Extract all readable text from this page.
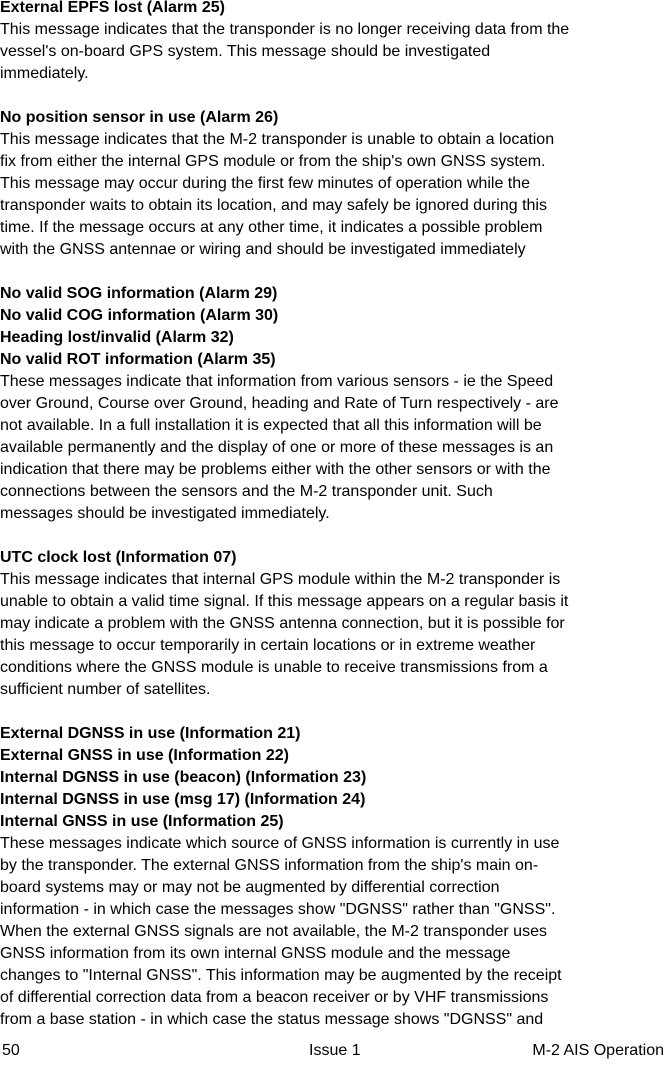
External EPFS lost (Alarm 25)

This message indicates that the transponder is no longer receiving data from the

vessel's on-board GPS system. This message should be investigated

immediately.

No position sensor in use (Alarm 26)

This message indicates that the M-2 transponder is unable to obtain a location

fix from either the internal GPS module or from the ship's own GNSS system.

This message may occur during the first few minutes of operation while the

transponder waits to obtain its location, and may safely be ignored during this

time. If the message occurs at any other time, it indicates a possible problem

with the GNSS antennae or wiring and should be investigated immediately

No valid SOG information (Alarm 29)

No valid COG information (Alarm 30)

Heading lost/invalid (Alarm 32)

No valid ROT information (Alarm 35)

These messages indicate that information from various sensors - ie the Speed

over Ground, Course over Ground, heading and Rate of Turn respectively - are

not available. In a full installation it is expected that all this information will be

available permanently and the display of one or more of these messages is an

indication that there may be problems either with the other sensors or with the

connections between the sensors and the M-2 transponder unit. Such

messages should be investigated immediately.

UTC clock lost (Information 07)

This message indicates that internal GPS module within the M-2 transponder is

unable to obtain a valid time signal. If this message appears on a regular basis it

may indicate a problem with the GNSS antenna connection, but it is possible for

this message to occur temporarily in certain locations or in extreme weather

conditions where the GNSS module is unable to receive transmissions from a

sufficient number of satellites.

External DGNSS in use (Information 21)

External GNSS in use (Information 22)

Internal DGNSS in use (beacon) (Information 23)

Internal DGNSS in use (msg 17) (Information 24)

Internal GNSS in use (Information 25)

These messages indicate which source of GNSS information is currently in use

by the transponder. The external GNSS information from the ship's main on-

board systems may or may not be augmented by differential correction

information - in which case the messages show "DGNSS" rather than "GNSS".

When the external GNSS signals are not available, the M-2 transponder uses

GNSS information from its own internal GNSS module and the message

changes to "Internal GNSS". This information may be augmented by the receipt

of differential correction data from a beacon receiver or by VHF transmissions

from a base station - in which case the status message shows "DGNSS" and

50	Issue 1	M-2 AIS Operation
